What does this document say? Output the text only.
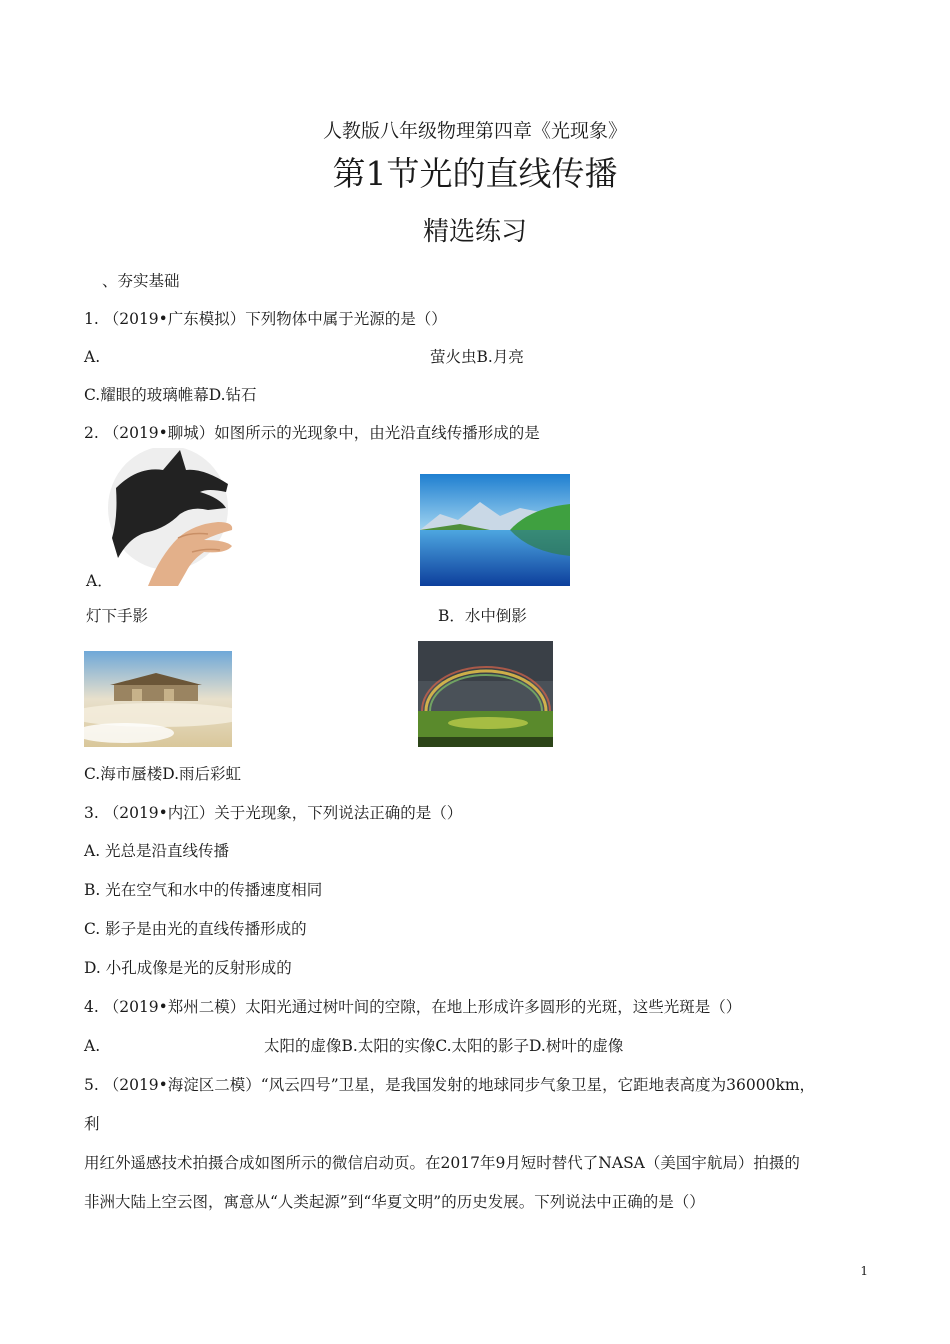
人教版八年级物理第四章《光现象》
第1节光的直线传播
精选练习
、夯实基础
1. （2019•广东模拟）下列物体中属于光源的是（）
A.	萤火虫B.月亮
C.耀眼的玻璃帷幕D.钻石
2. （2019•聊城）如图所示的光现象中，由光沿直线传播形成的是
A．
灯下手影	B．水中倒影
C.海市蜃楼D.雨后彩虹
3. （2019•内江）关于光现象，下列说法正确的是（）
A. 光总是沿直线传播
B. 光在空气和水中的传播速度相同
C. 影子是由光的直线传播形成的
D. 小孔成像是光的反射形成的
4. （2019•郑州二模）太阳光通过树叶间的空隙，在地上形成许多圆形的光斑，这些光斑是（）
A.	太阳的虚像B.太阳的实像C.太阳的影子D.树叶的虚像
5. （2019•海淀区二模）“风云四号”卫星，是我国发射的地球同步气象卫星，它距地表高度为36000km，
利
用红外遥感技术拍摄合成如图所示的微信启动页。在2017年9月短时替代了NASA（美国宇航局）拍摄的
非洲大陆上空云图，寓意从“人类起源”到“华夏文明”的历史发展。下列说法中正确的是（）
1
